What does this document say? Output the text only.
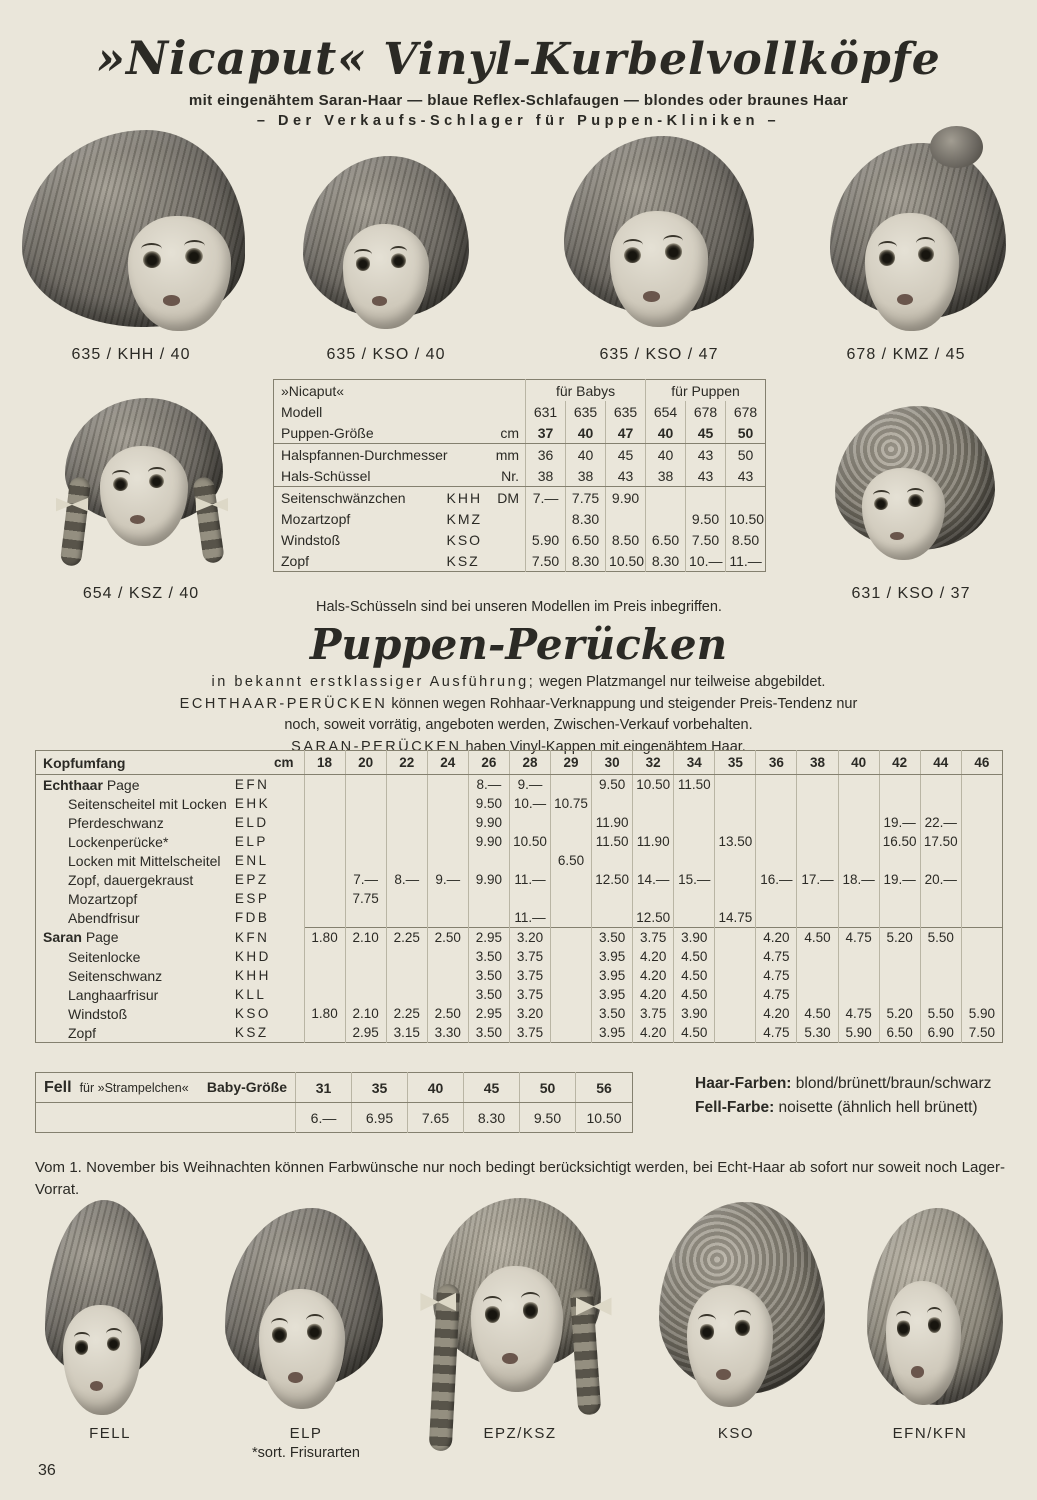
»Nicaput« Vinyl-Kurbelvollköpfe

mit eingenähtem Saran-Haar — blaue Reflex-Schlafaugen — blondes oder braunes Haar

– Der Verkaufs-Schlager für Puppen-Kliniken –

635 / KHH / 40	635 / KSO / 40	635 / KSO / 47	678 / KMZ / 45
654 / KSZ / 40	631 / KSO / 37
FELL	ELP
*sort. Frisurarten
EPZ/KSZ	KSO	EFN/KFN
»Nicaput«			für Babys			für Puppen		
Modell			631	635	635	654	678	678
Puppen-Größe		cm	37	40	47	40	45	50
Halspfannen-Durchmesser		mm	36	40	45	40	43	50
Hals-Schüssel		Nr.	38	38	43	38	43	43
Seitenschwänzchen	KHH	DM	7.—	7.75	9.90			
Mozartzopf	KMZ			8.30			9.50	10.50
Windstoß	KSO		5.90	6.50	8.50	6.50	7.50	8.50
Zopf	KSZ		7.50	8.30	10.50	8.30	10.—	11.—

Hals-Schüsseln sind bei unseren Modellen im Preis inbegriffen.

Puppen-Perücken

in bekannt erstklassiger Ausführung; wegen Platzmangel nur teilweise abgebildet.

ECHTHAAR-PERÜCKEN können wegen Rohhaar-Verknappung und steigender Preis-Tendenz nur

noch, soweit vorrätig, angeboten werden, Zwischen-Verkauf vorbehalten.

SARAN-PERÜCKEN haben Vinyl-Kappen mit eingenähtem Haar.

Kopfumfang	cm	18	20	22	24	26	28	29	30	32	34	35	36	38	40	42	44	46
Echthaar Page	EFN					8.—	9.—		9.50	10.50	11.50							
Seitenscheitel mit Locken	EHK					9.50	10.—	10.75										
Pferdeschwanz	ELD					9.90			11.90							19.—	22.—	
Lockenperücke*	ELP					9.90	10.50		11.50	11.90		13.50				16.50	17.50	
Locken mit Mittelscheitel	ENL							6.50										
Zopf, dauergekraust	EPZ		7.—	8.—	9.—	9.90	11.—		12.50	14.—	15.—		16.—	17.—	18.—	19.—	20.—	
Mozartzopf	ESP		7.75															
Abendfrisur	FDB						11.—			12.50		14.75						
Saran Page	KFN	1.80	2.10	2.25	2.50	2.95	3.20		3.50	3.75	3.90		4.20	4.50	4.75	5.20	5.50	
Seitenlocke	KHD					3.50	3.75		3.95	4.20	4.50		4.75					
Seitenschwanz	KHH					3.50	3.75		3.95	4.20	4.50		4.75					
Langhaarfrisur	KLL					3.50	3.75		3.95	4.20	4.50		4.75					
Windstoß	KSO	1.80	2.10	2.25	2.50	2.95	3.20		3.50	3.75	3.90		4.20	4.50	4.75	5.20	5.50	5.90
Zopf	KSZ		2.95	3.15	3.30	3.50	3.75		3.95	4.20	4.50		4.75	5.30	5.90	6.50	6.90	7.50
Fell für »Strampelchen« Baby-Größe	31	35	40	45	50	56
	6.—	6.95	7.65	8.30	9.50	10.50
Haar-Farben: blond/brünett/braun/schwarz
Fell-Farbe: noisette (ähnlich hell brünett)

Vom 1. November bis Weihnachten können Farbwünsche nur noch bedingt berücksichtigt werden, bei Echt-Haar ab sofort nur soweit noch Lager-Vorrat.

36
